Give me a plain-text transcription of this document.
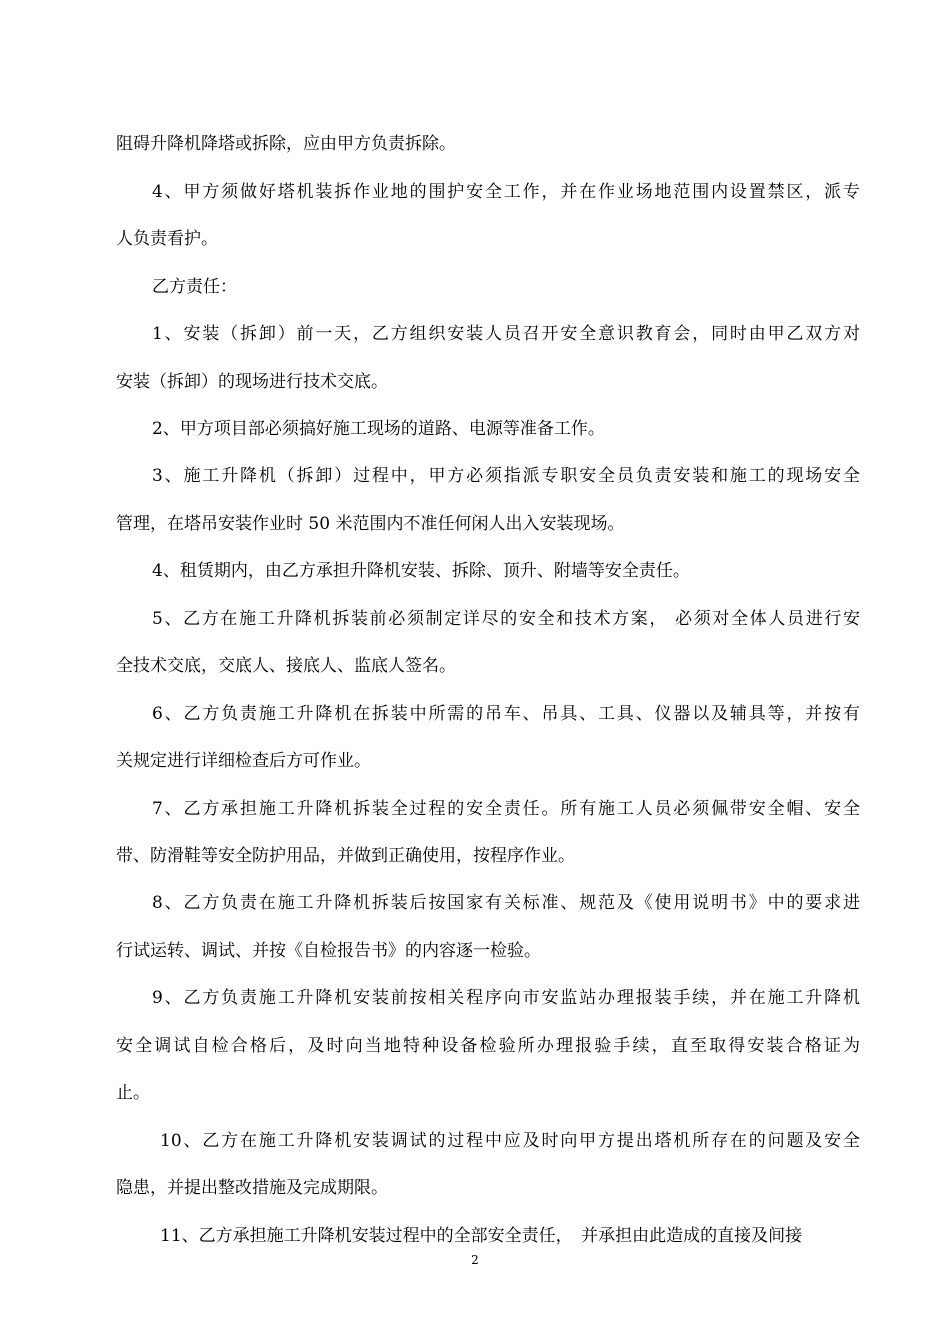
阻碍升降机降塔或拆除，应由甲方负责拆除。
4、甲方须做好塔机装拆作业地的围护安全工作，并在作业场地范围内设置禁区，派专
人负责看护。
乙方责任：
1、安装（拆卸）前一天，乙方组织安装人员召开安全意识教育会，同时由甲乙双方对
安装（拆卸）的现场进行技术交底。
2、甲方项目部必须搞好施工现场的道路、电源等准备工作。
3、施工升降机（拆卸）过程中，甲方必须指派专职安全员负责安装和施工的现场安全
管理，在塔吊安装作业时 50 米范围内不准任何闲人出入安装现场。
4、租赁期内，由乙方承担升降机安装、拆除、顶升、附墙等安全责任。
5、乙方在施工升降机拆装前必须制定详尽的安全和技术方案， 必须对全体人员进行安
全技术交底，交底人、接底人、监底人签名。
6、乙方负责施工升降机在拆装中所需的吊车、吊具、工具、仪器以及辅具等，并按有
关规定进行详细检查后方可作业。
7、乙方承担施工升降机拆装全过程的安全责任。所有施工人员必须佩带安全帽、安全
带、防滑鞋等安全防护用品，并做到正确使用，按程序作业。
8、乙方负责在施工升降机拆装后按国家有关标准、规范及《使用说明书》中的要求进
行试运转、调试、并按《自检报告书》的内容逐一检验。
9、乙方负责施工升降机安装前按相关程序向市安监站办理报装手续，并在施工升降机
安全调试自检合格后，及时向当地特种设备检验所办理报验手续，直至取得安装合格证为
止。
10、乙方在施工升降机安装调试的过程中应及时向甲方提出塔机所存在的问题及安全
隐患，并提出整改措施及完成期限。
11、乙方承担施工升降机安装过程中的全部安全责任，　并承担由此造成的直接及间接
2
